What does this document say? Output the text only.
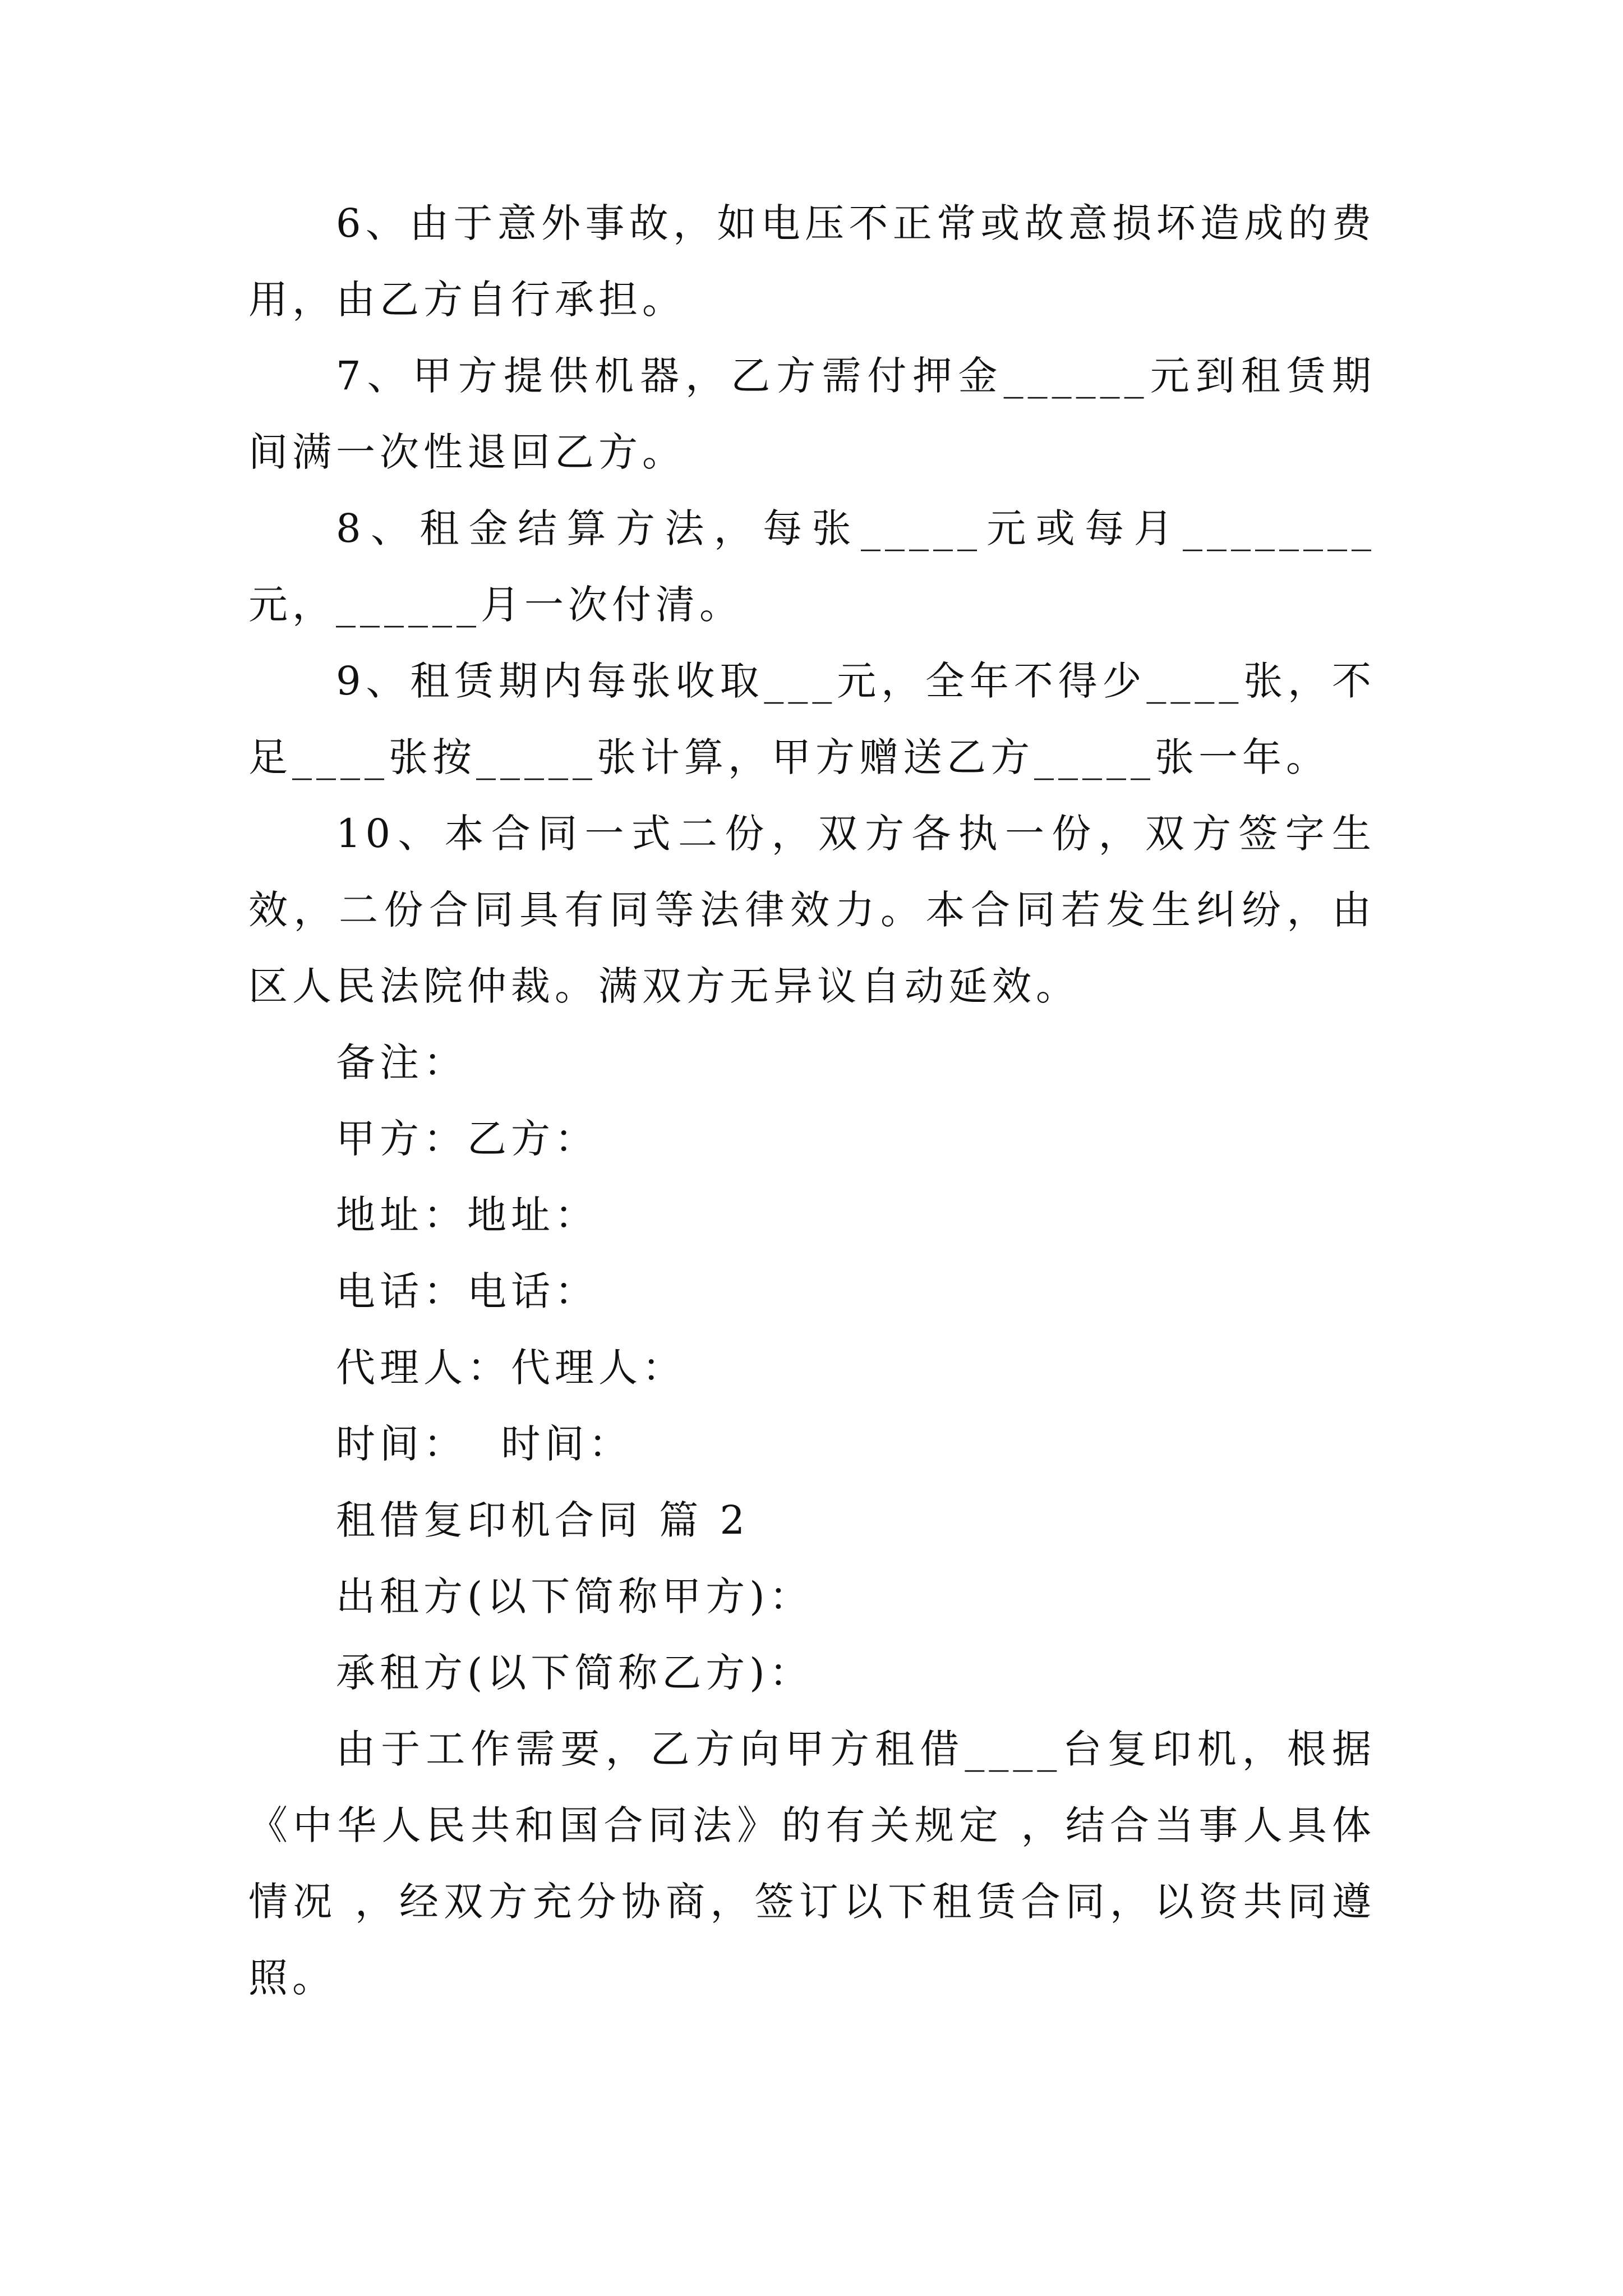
6、由于意外事故，如电压不正常或故意损坏造成的费用，由乙方自行承担。

7、甲方提供机器，乙方需付押金______元到租赁期间满一次性退回乙方。

8、租金结算方法，每张_____元或每月________元，______月一次付清。

9、租赁期内每张收取___元，全年不得少____张，不足____张按_____张计算，甲方赠送乙方_____张一年。

10、本合同一式二份，双方各执一份，双方签字生效，二份合同具有同等法律效力。本合同若发生纠纷，由 区人民法院仲裁。满双方无异议自动延效。

备注：

甲方：乙方：

地址：地址：

电话：电话：

代理人：代理人：

时间：  时间：

租借复印机合同 篇 2

出租方(以下简称甲方)：

承租方(以下简称乙方)：

由于工作需要，乙方向甲方租借____台复印机，根据《中华人民共和国合同法》的有关规定 ，结合当事人具体情况 ，经双方充分协商，签订以下租赁合同，以资共同遵照。
